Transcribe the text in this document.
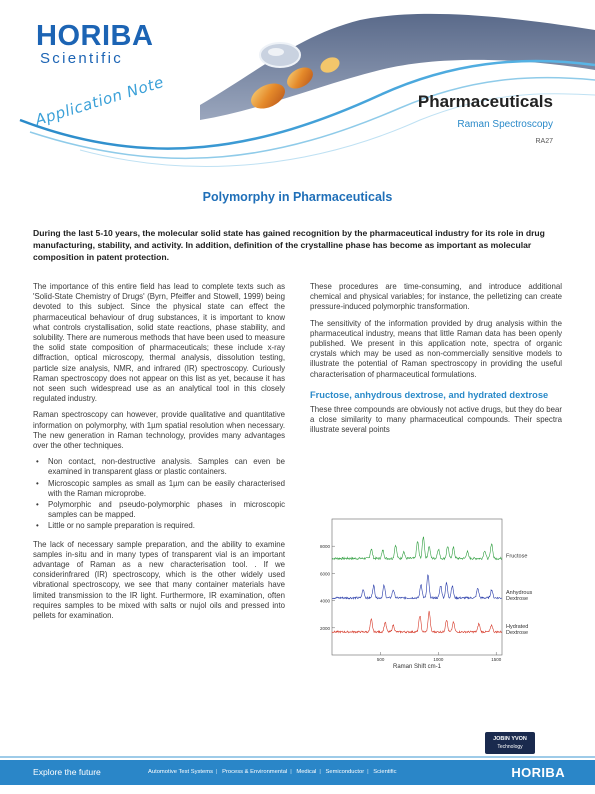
HORIBA
Scientific
Application Note	Pharmaceuticals
Raman Spectroscopy
RA27
Polymorphy in Pharmaceuticals
During the last 5-10 years, the molecular solid state has gained recognition by the pharmaceutical industry for its role in drug manufacturing, stability, and activity. In addition, definition of the crystalline phase has become as important as molecular composition in patent protection.

The importance of this entire field has lead to complete texts such as 'Solid-State Chemistry of Drugs' (Byrn, Pfeiffer and Stowell, 1999) being devoted to this subject. Since the physical state can effect the pharmaceutical behaviour of drug substances, it is important to know what controls crystallisation, solid state reactions, phase stability, and solubility. There are numerous methods that have been used to measure the solid state composition of pharmaceuticals; these include x-ray diffraction, optical microscopy, thermal analysis, dissolution testing, particle size analysis, NMR, and infrared (IR) spectroscopy. Curiously Raman spectroscopy does not appear on this list as yet, because it has not seen such widespread use as an analytical tool in this closely regulated industry.

Raman spectroscopy can however, provide qualitative and quantitative information on polymorphy, with 1µm spatial resolution when necessary. The new generation in Raman technology, provides many advantages over the other techniques.

• Non contact, non-destructive analysis. Samples can even be examined in transparent glass or plastic containers.
• Microscopic samples as small as 1µm can be easily characterised with the Raman microprobe.
• Polymorphic and pseudo-polymorphic phases in microscopic samples can be mapped.
• Little or no sample preparation is required.

The lack of necessary sample preparation, and the ability to examine samples in-situ and in many types of transparent vial is an important advantage of Raman as a new characterisation tool. . If we considerinfrared (IR) spectroscopy, which is the other widely used vibrational spectroscopy, we see that many container materials have limited transmission to the IR light. Furthermore, IR examination, often requires samples to be mixed with salts or nujol oils and pressed into pellets for examination.

These procedures are time-consuming, and introduce additional chemical and physical variables; for instance, the pelletizing can create pressure-induced polymorphic transformation.

The sensitivity of the information provided by drug analysis within the pharmaceutical industry, means that little Raman data has been openly published. We present in this application note, spectra of organic crystals which may be used as non-commercially sensitive models to illustrate the potential of Raman spectroscopy in providing the useful characterisation of pharmaceutical formulations.

Fructose, anhydrous dextrose, and hydrated dextrose

These three compounds are obviously not active drugs, but they do bear a close similarity to many pharmaceutical compounds. Their spectra illustrate several points

2000
4000
6000
8000
500	1000	1500
Fructose
Anhydrous
Dextrose
Hydrated
Dextrose
Raman Shift cm-1
JOBIN YVON
Technology
Explore the future	Automotive Test Systems | Process & Environmental | Medical | Semiconductor | Scientific	HORIBA
